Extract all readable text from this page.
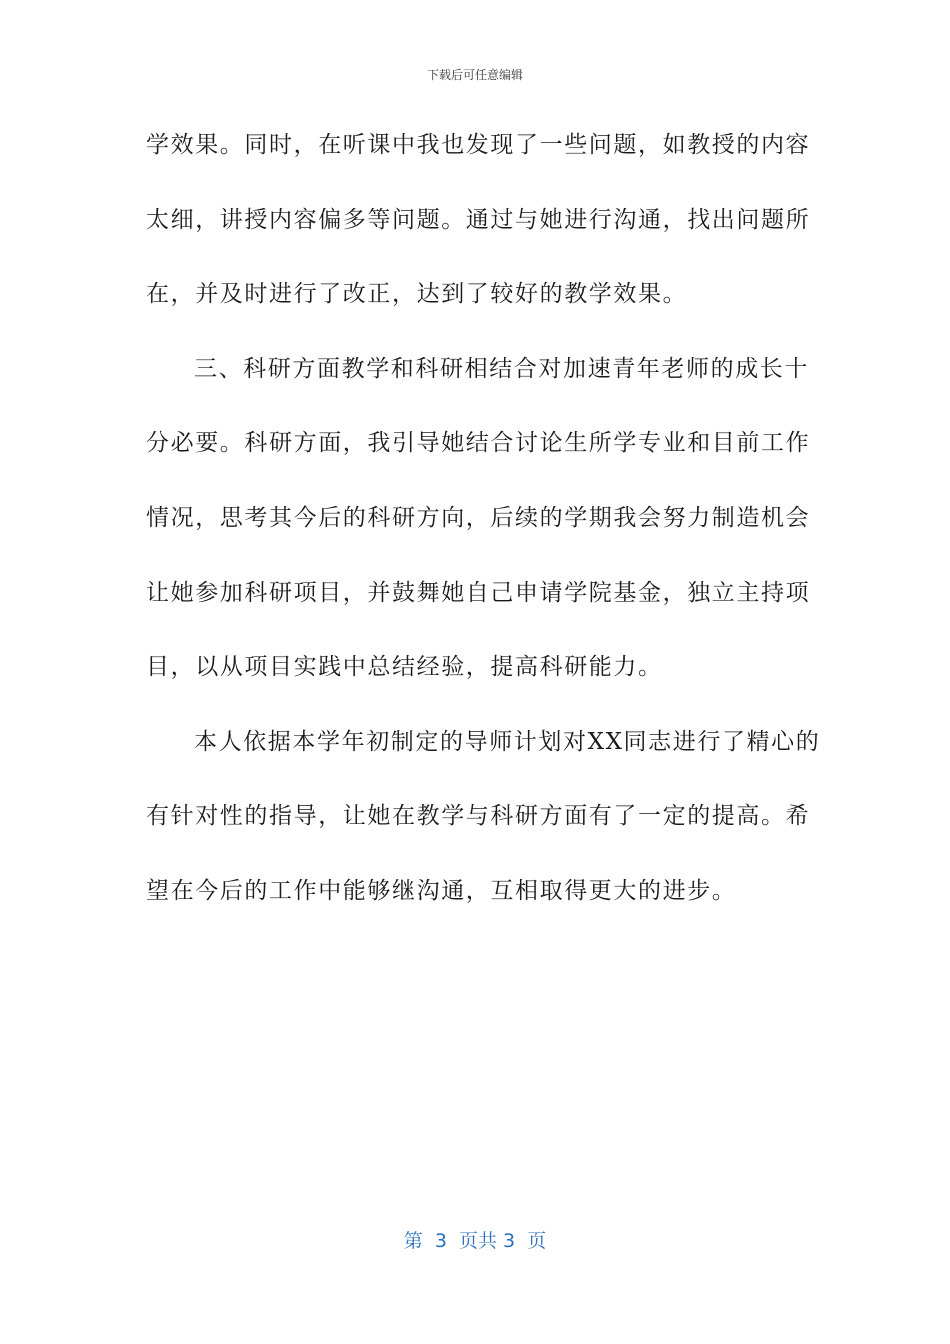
下载后可任意编辑
学效果。同时，在听课中我也发现了一些问题，如教授的内容
太细，讲授内容偏多等问题。通过与她进行沟通，找出问题所
在，并及时进行了改正，达到了较好的教学效果。
三、科研方面教学和科研相结合对加速青年老师的成长十
分必要。科研方面，我引导她结合讨论生所学专业和目前工作
情况，思考其今后的科研方向，后续的学期我会努力制造机会
让她参加科研项目，并鼓舞她自己申请学院基金，独立主持项
目，以从项目实践中总结经验，提高科研能力。
本人依据本学年初制定的导师计划对XX同志进行了精心的
有针对性的指导，让她在教学与科研方面有了一定的提高。希
望在今后的工作中能够继沟通，互相取得更大的进步。
第  3  页共 3  页
